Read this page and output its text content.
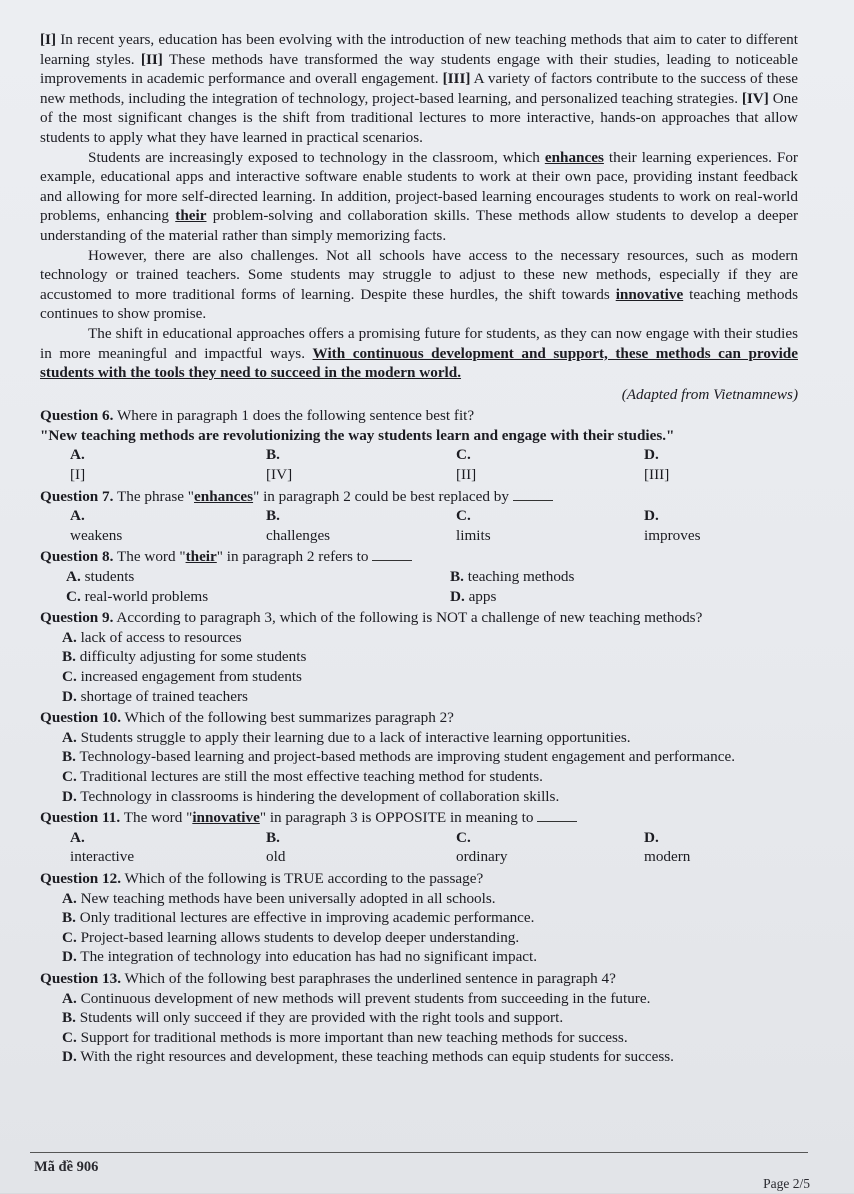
[I] In recent years, education has been evolving with the introduction of new teaching methods that aim to cater to different learning styles. [II] These methods have transformed the way students engage with their studies, leading to noticeable improvements in academic performance and overall engagement. [III] A variety of factors contribute to the success of these new methods, including the integration of technology, project-based learning, and personalized teaching strategies. [IV] One of the most significant changes is the shift from traditional lectures to more interactive, hands-on approaches that allow students to apply what they have learned in practical scenarios.

Students are increasingly exposed to technology in the classroom, which enhances their learning experiences. For example, educational apps and interactive software enable students to work at their own pace, providing instant feedback and allowing for more self-directed learning. In addition, project-based learning encourages students to work on real-world problems, enhancing their problem-solving and collaboration skills. These methods allow students to develop a deeper understanding of the material rather than simply memorizing facts.

However, there are also challenges. Not all schools have access to the necessary resources, such as modern technology or trained teachers. Some students may struggle to adjust to these new methods, especially if they are accustomed to more traditional forms of learning. Despite these hurdles, the shift towards innovative teaching methods continues to show promise.

The shift in educational approaches offers a promising future for students, as they can now engage with their studies in more meaningful and impactful ways. With continuous development and support, these methods can provide students with the tools they need to succeed in the modern world.

(Adapted from Vietnamnews)
Question 6. Where in paragraph 1 does the following sentence best fit?
"New teaching methods are revolutionizing the way students learn and engage with their studies."
A.
[I]
B.
[IV]
C.
[II]
D.
[III]
Question 7. The phrase "enhances" in paragraph 2 could be best replaced by
A.
weakens
B.
challenges
C.
limits
D.
improves
Question 8. The word "their" in paragraph 2 refers to
A. students	B. teaching methods
C. real-world problems	D. apps

Question 9. According to paragraph 3, which of the following is NOT a challenge of new teaching methods?

A. lack of access to resources
B. difficulty adjusting for some students
C. increased engagement from students
D. shortage of trained teachers
Question 10. Which of the following best summarizes paragraph 2?
A. Students struggle to apply their learning due to a lack of interactive learning opportunities.
B. Technology-based learning and project-based methods are improving student engagement and performance.
C. Traditional lectures are still the most effective teaching method for students.
D. Technology in classrooms is hindering the development of collaboration skills.
Question 11. The word "innovative" in paragraph 3 is OPPOSITE in meaning to
A.
interactive
B.
old
C.
ordinary
D.
modern
Question 12. Which of the following is TRUE according to the passage?
A. New teaching methods have been universally adopted in all schools.
B. Only traditional lectures are effective in improving academic performance.
C. Project-based learning allows students to develop deeper understanding.
D. The integration of technology into education has had no significant impact.
Question 13. Which of the following best paraphrases the underlined sentence in paragraph 4?
A. Continuous development of new methods will prevent students from succeeding in the future.
B. Students will only succeed if they are provided with the right tools and support.
C. Support for traditional methods is more important than new teaching methods for success.
D. With the right resources and development, these teaching methods can equip students for success.
Mã đề 906
Page 2/5
